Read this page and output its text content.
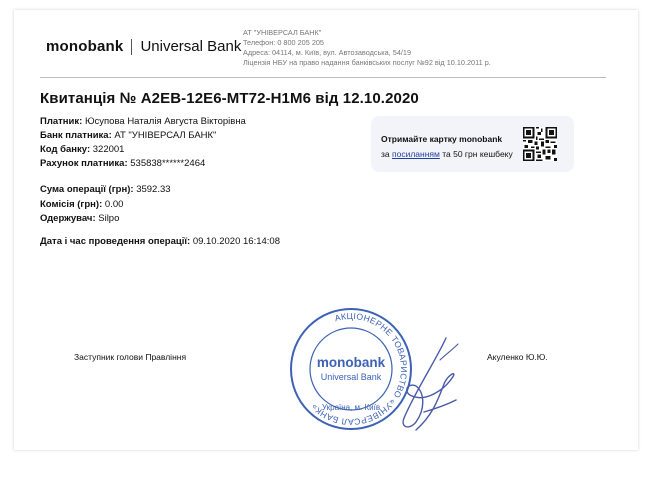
monobank Universal Bank
АТ "УНІВЕРСАЛ БАНК"
Телефон: 0 800 205 205
Адреса: 04114, м. Київ, вул. Автозаводська, 54/19
Ліцензія НБУ на право надання банківських послуг №92 від 10.10.2011 р.
Квитанція № A2EB-12E6-MT72-H1M6 від 12.10.2020
Платник: Юсупова Наталія Августа Вікторівна
Банк платника: АТ "УНІВЕРСАЛ БАНК"
Код банку: 322001
Рахунок платника: 535838******2464
Сума операції (грн): 3592.33
Комісія (грн): 0.00
Одержувач: Silpo
Дата і час проведення операції: 09.10.2020 16:14:08
Отримайте картку monobank
за посиланням та 50 грн кешбеку
Заступник голови Правління	Акуленко Ю.Ю.
АКЦІОНЕРНЕ ТОВАРИСТВО «УНІВЕРСАЛ БАНК»
monobank
Universal Bank
Україна, м. Київ
